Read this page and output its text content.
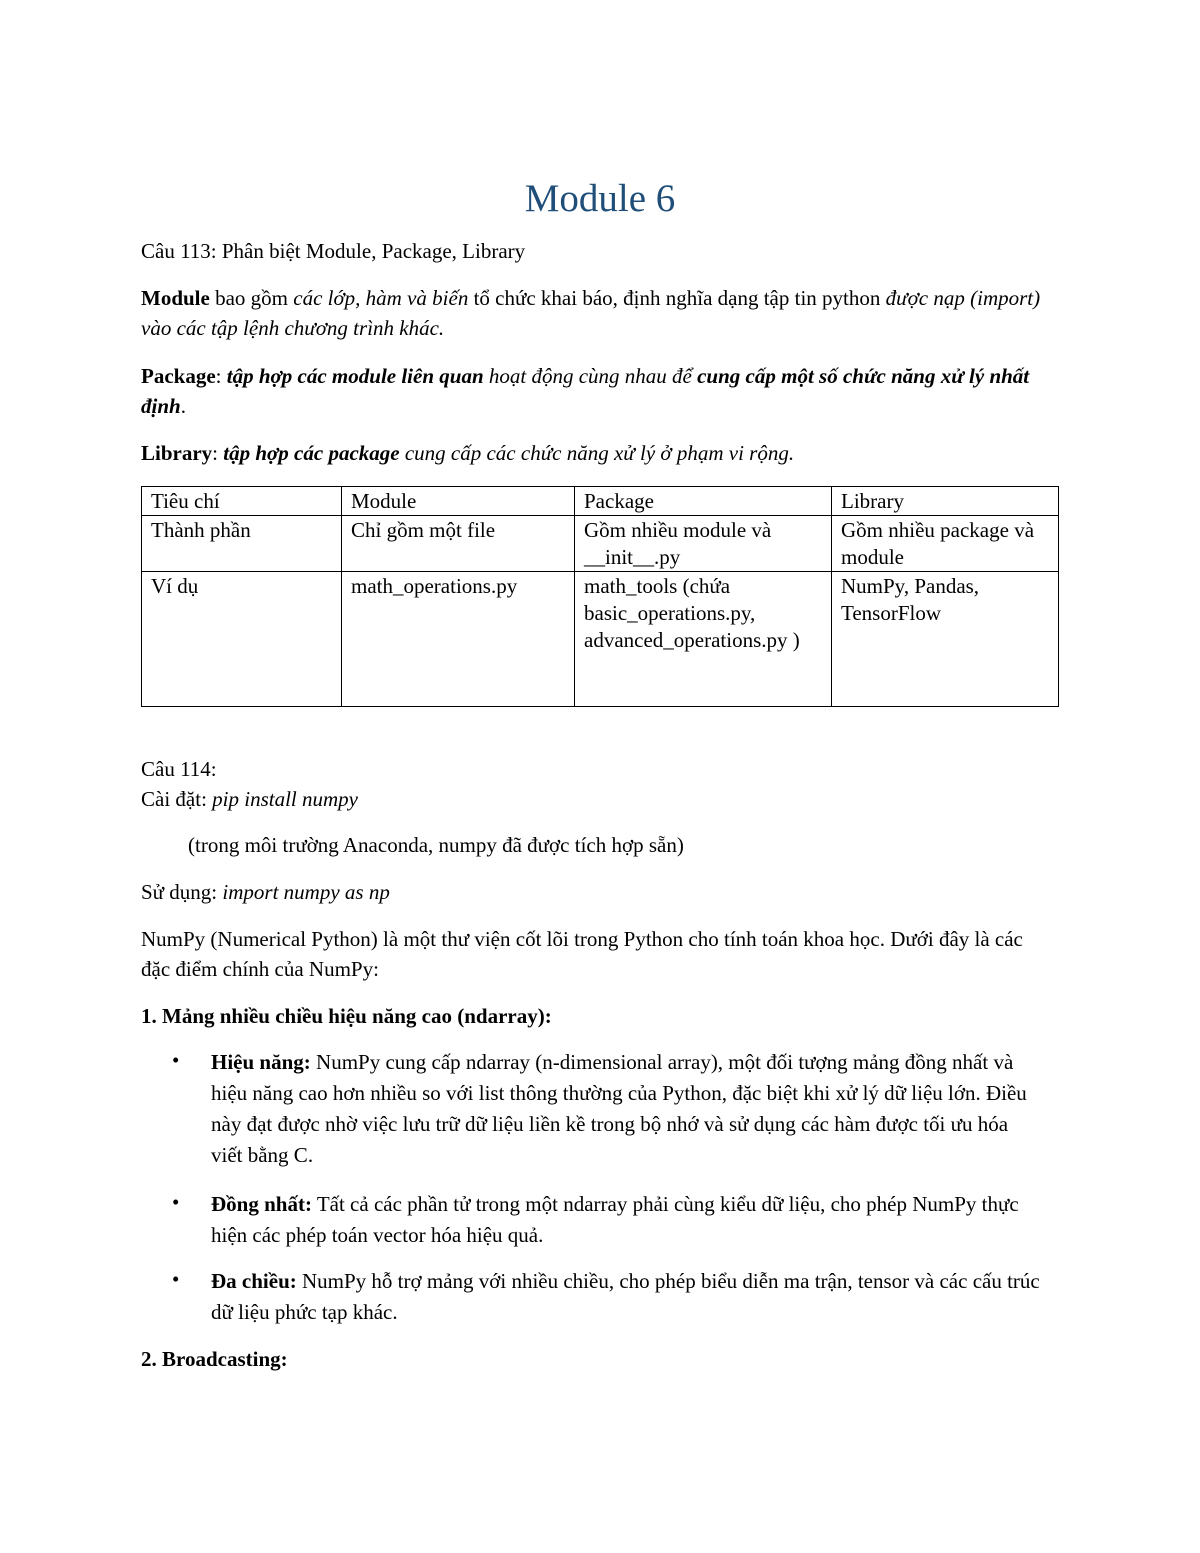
Module 6
Câu 113: Phân biệt Module, Package, Library
Module bao gồm các lớp, hàm và biến tổ chức khai báo, định nghĩa dạng tập tin python được nạp (import) vào các tập lệnh chương trình khác.
Package: tập hợp các module liên quan hoạt động cùng nhau để cung cấp một số chức năng xử lý nhất định.
Library: tập hợp các package cung cấp các chức năng xử lý ở phạm vi rộng.
Tiêu chí	Module	Package	Library
Thành phần	Chỉ gồm một file	Gồm nhiều module và __init__.py	Gồm nhiều package và module
Ví dụ	math_operations.py	math_tools (chứa basic_operations.py, advanced_operations.py )	NumPy, Pandas, TensorFlow
Câu 114:
Cài đặt: pip install numpy
(trong môi trường Anaconda, numpy đã được tích hợp sẵn)
Sử dụng: import numpy as np
NumPy (Numerical Python) là một thư viện cốt lõi trong Python cho tính toán khoa học. Dưới đây là các đặc điểm chính của NumPy:
1. Mảng nhiều chiều hiệu năng cao (ndarray):
• Hiệu năng: NumPy cung cấp ndarray (n-dimensional array), một đối tượng mảng đồng nhất và hiệu năng cao hơn nhiều so với list thông thường của Python, đặc biệt khi xử lý dữ liệu lớn. Điều này đạt được nhờ việc lưu trữ dữ liệu liền kề trong bộ nhớ và sử dụng các hàm được tối ưu hóa viết bằng C.
• Đồng nhất: Tất cả các phần tử trong một ndarray phải cùng kiểu dữ liệu, cho phép NumPy thực hiện các phép toán vector hóa hiệu quả.
• Đa chiều: NumPy hỗ trợ mảng với nhiều chiều, cho phép biểu diễn ma trận, tensor và các cấu trúc dữ liệu phức tạp khác.
2. Broadcasting:
